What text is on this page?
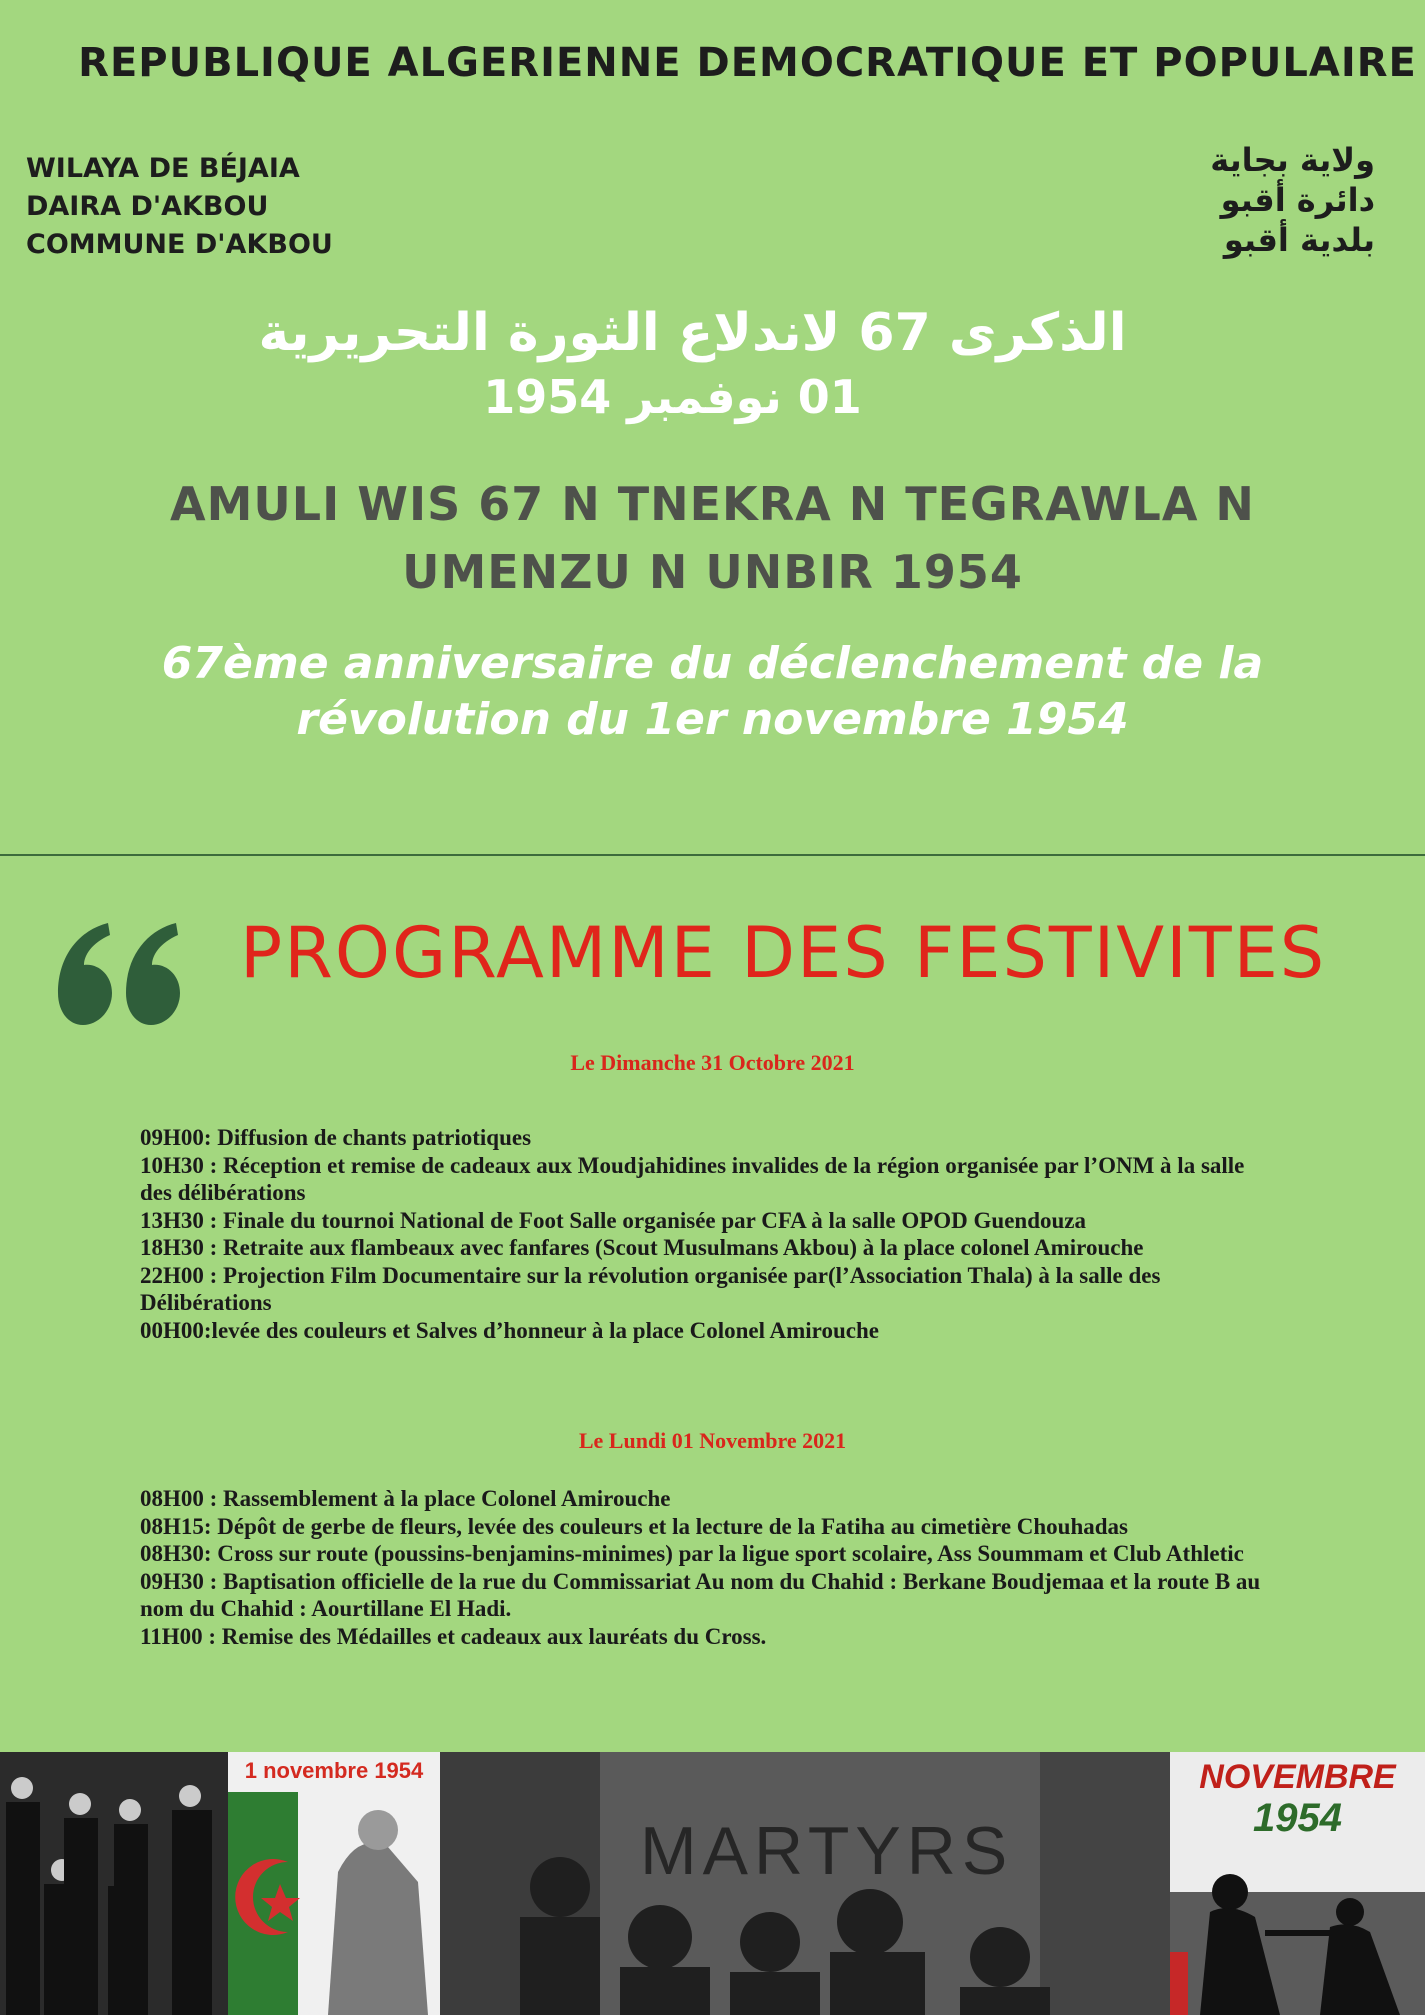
REPUBLIQUE ALGERIENNE DEMOCRATIQUE ET POPULAIRE
WILAYA DE BÉJAIA
DAIRA D'AKBOU
COMMUNE D'AKBOU
ولاية بجاية
دائرة أقبو
بلدية أقبو
الذكرى 67 لاندلاع الثورة التحريرية
01 نوفمبر 1954
AMULI WIS 67 N TNEKRA N TEGRAWLA N
UMENZU N UNBIR 1954
67ème anniversaire du déclenchement de la
révolution du 1er novembre 1954
PROGRAMME DES FESTIVITES
Le Dimanche 31 Octobre 2021
09H00: Diffusion de chants patriotiques
10H30 : Réception et remise de cadeaux aux Moudjahidines invalides de la région organisée par l’ONM à la salle des délibérations
13H30 : Finale du tournoi National de Foot Salle organisée par CFA à la salle OPOD Guendouza
18H30 : Retraite aux flambeaux avec fanfares (Scout Musulmans Akbou) à la place colonel Amirouche
22H00 : Projection Film Documentaire sur la révolution organisée par(l’Association Thala) à la salle des Délibérations
00H00:levée des couleurs et Salves d’honneur à la place Colonel Amirouche
Le Lundi 01 Novembre 2021
08H00 : Rassemblement à la place Colonel Amirouche
08H15: Dépôt de gerbe de fleurs, levée des couleurs et la lecture de la Fatiha au cimetière Chouhadas
08H30: Cross sur route (poussins-benjamins-minimes) par la ligue sport scolaire, Ass Soummam et Club Athletic
09H30 : Baptisation officielle de la rue du Commissariat Au nom du Chahid : Berkane Boudjemaa et la route B au nom du Chahid : Aourtillane El Hadi.
11H00 : Remise des Médailles et cadeaux aux lauréats du Cross.
1 novembre 1954
MARTYRS
NOVEMBRE
1954
